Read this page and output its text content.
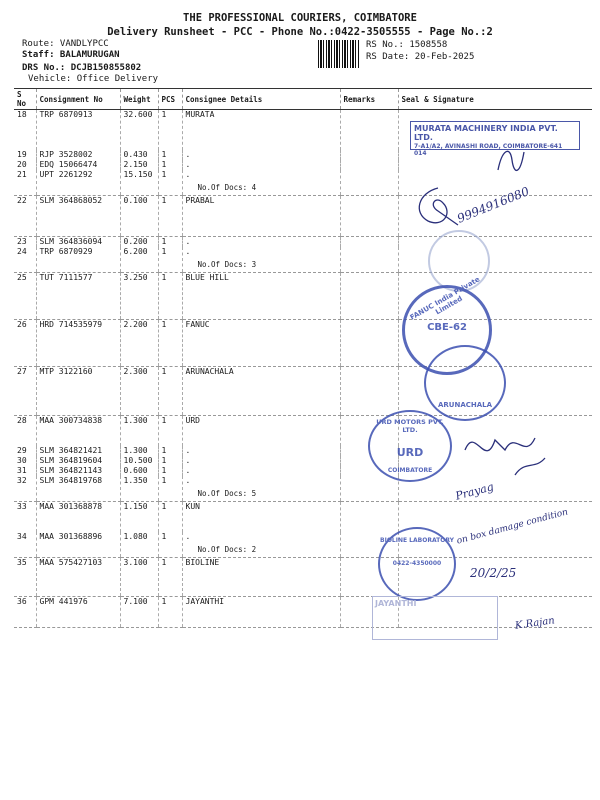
THE PROFESSIONAL COURIERS, COIMBATORE
Delivery Runsheet - PCC - Phone No.:0422-3505555 - Page No.:2
Route: VANDLYPCC
Staff: BALAMURUGAN
DRS No.: DCJB150855802
Vehicle: Office Delivery
RS No.: 1508558
RS Date: 20-Feb-2025
S No	Consignment No	Weight	PCS	Consignee Details	Remarks	Seal & Signature
18	TRP 6870913	32.600	1	MURATA		
19	RJP 3528002	0.430	1	.		
20	EDQ 15066474	2.150	1	.		
21	UPT 2261292	15.150	1	.
No.Of Docs: 4		

22	SLM 364868052	0.100	1	PRABAL		
23	SLM 364836094	0.200	1	.		
24	TRP 6870929	6.200	1	.
No.Of Docs: 3		

25	TUT 7111577	3.250	1	BLUE HILL		
26	HRD 714535979	2.200	1	FANUC		
27	MTP 3122160	2.300	1	ARUNACHALA		
28	MAA 300734838	1.300	1	URD		
29	SLM 364821421	1.300	1	.		
30	SLM 364819604	10.500	1	.		
31	SLM 364821143	0.600	1	.		
32	SLM 364819768	1.350	1	.
No.Of Docs: 5		

33	MAA 301368878	1.150	1	KUN		
34	MAA 301368896	1.080	1	.
No.Of Docs: 2		

35	MAA 575427103	3.100	1	BIOLINE		
36	GPM 441976	7.100	1	JAYANTHI		
MURATA MACHINERY INDIA PVT. LTD.
7-A1/A2, AVINASHI ROAD, COIMBATORE-641 014
9994916080
FANUC India Private Limited
CBE-62
ARUNACHALA
URD MOTORS PVT. LTD.
URD
COIMBATORE
Prayag
on box damage condition
BIOLINE LABORATORY
0422-4350000
20/2/25
JAYANTHI
K.Rajan
